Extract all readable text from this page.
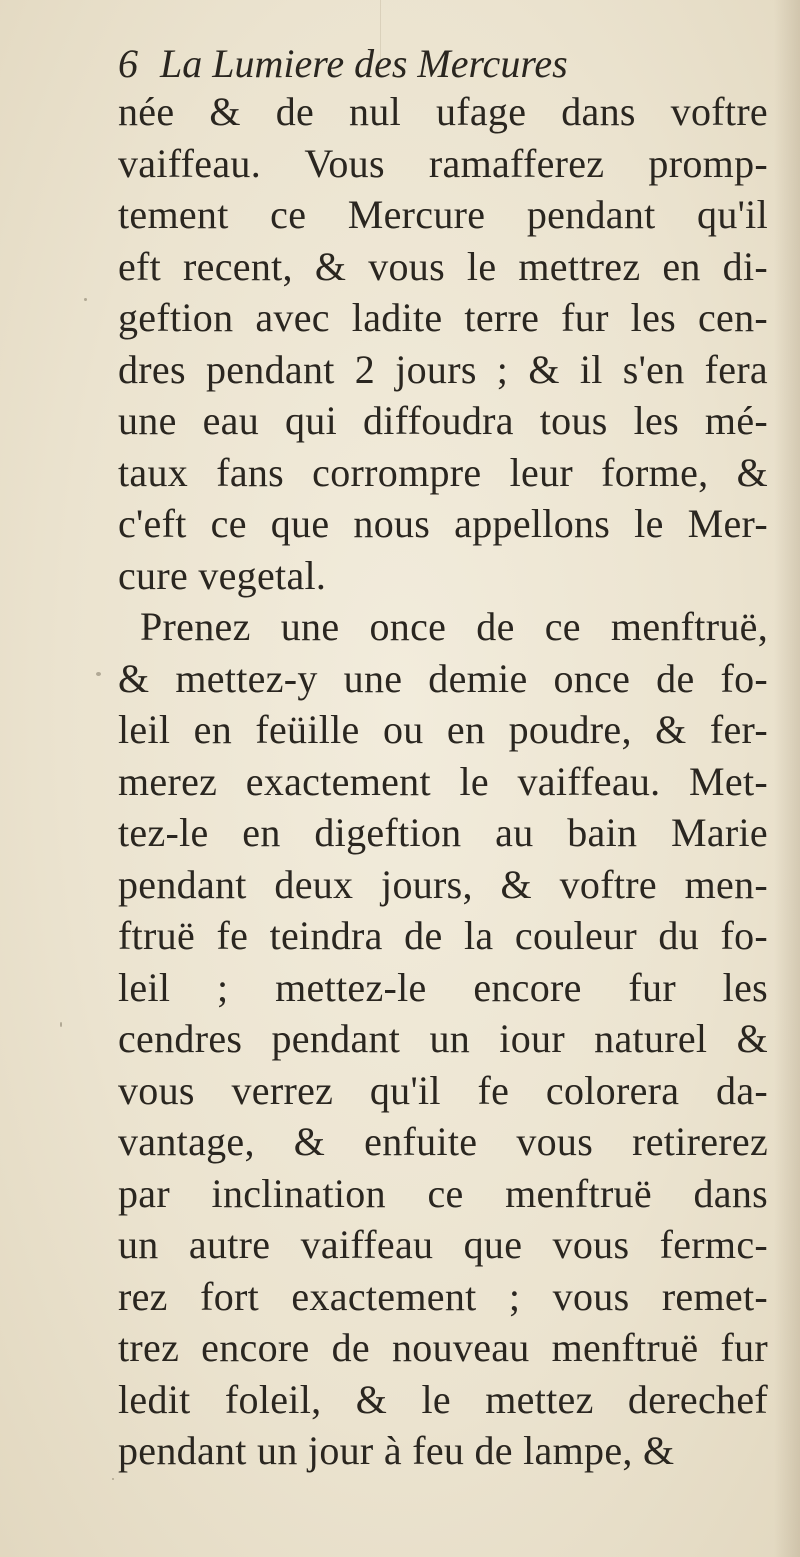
6 La Lumiere des Mercures
née & de nul ufage dans voftre
vaiffeau. Vous ramafferez promp-
tement ce Mercure pendant qu'il
eft recent, & vous le mettrez en di-
geftion avec ladite terre fur les cen-
dres pendant 2 jours ; & il s'en fera
une eau qui diffoudra tous les mé-
taux fans corrompre leur forme, &
c'eft ce que nous appellons le Mer-
cure vegetal.
Prenez une once de ce menftruë,
& mettez-y une demie once de fo-
leil en feüille ou en poudre, & fer-
merez exactement le vaiffeau. Met-
tez-le en digeftion au bain Marie
pendant deux jours, & voftre men-
ftruë fe teindra de la couleur du fo-
leil ; mettez-le encore fur les
cendres pendant un iour naturel &
vous verrez qu'il fe colorera da-
vantage, & enfuite vous retirerez
par inclination ce menftruë dans
un autre vaiffeau que vous fermc-
rez fort exactement ; vous remet-
trez encore de nouveau menftruë fur
ledit foleil, & le mettez derechef
pendant un jour à feu de lampe, &
